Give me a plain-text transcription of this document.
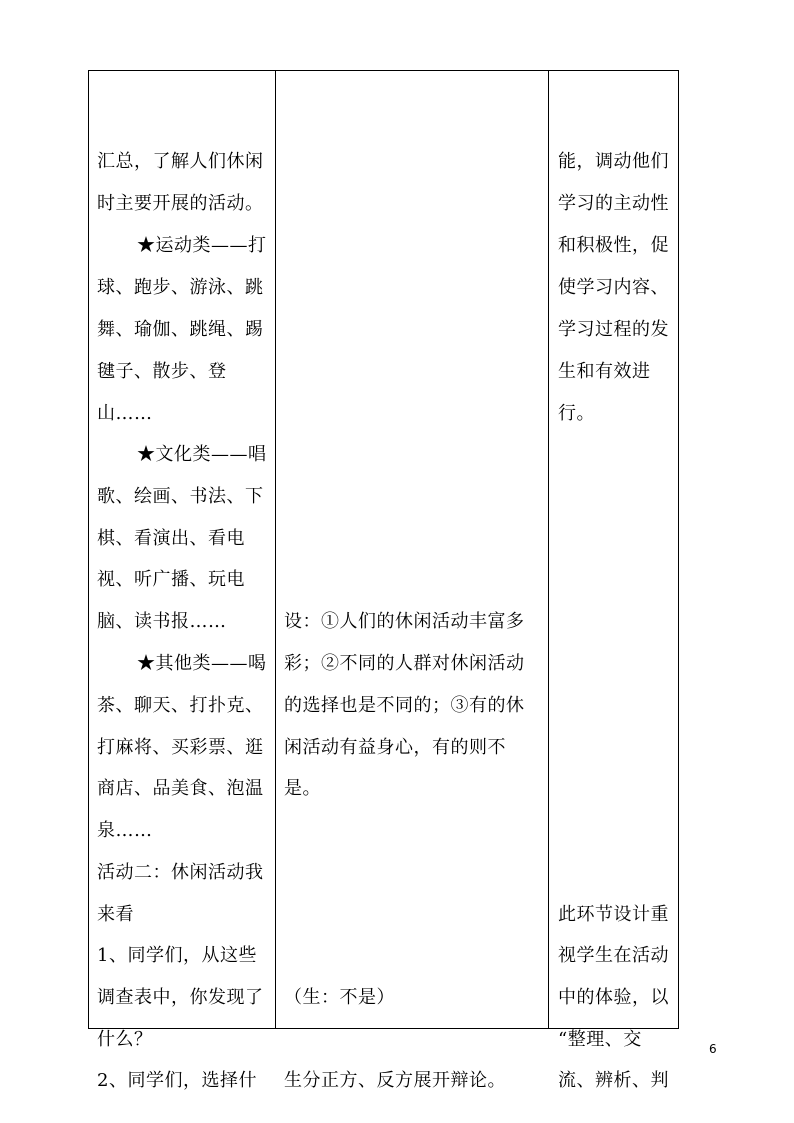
汇总，了解人们休闲
时主要开展的活动。
★运动类——打
球、跑步、游泳、跳
舞、瑜伽、跳绳、踢
毽子、散步、登
山……
★文化类——唱
歌、绘画、书法、下
棋、看演出、看电
视、听广播、玩电
脑、读书报……
★其他类——喝
茶、聊天、打扑克、
打麻将、买彩票、逛
商店、品美食、泡温
泉……
活动二：休闲活动我
来看
1、同学们，从这些
调查表中，你发现了
什么？
2、同学们，选择什
设：①人们的休闲活动丰富多
彩；②不同的人群对休闲活动
的选择也是不同的；③有的休
闲活动有益身心，有的则不
是。
（生：不是）
生分正方、反方展开辩论。
能，调动他们
学习的主动性
和积极性，促
使学习内容、
学习过程的发
生和有效进
行。
此环节设计重
视学生在活动
中的体验，以
“整理、交
流、辨析、判
6
